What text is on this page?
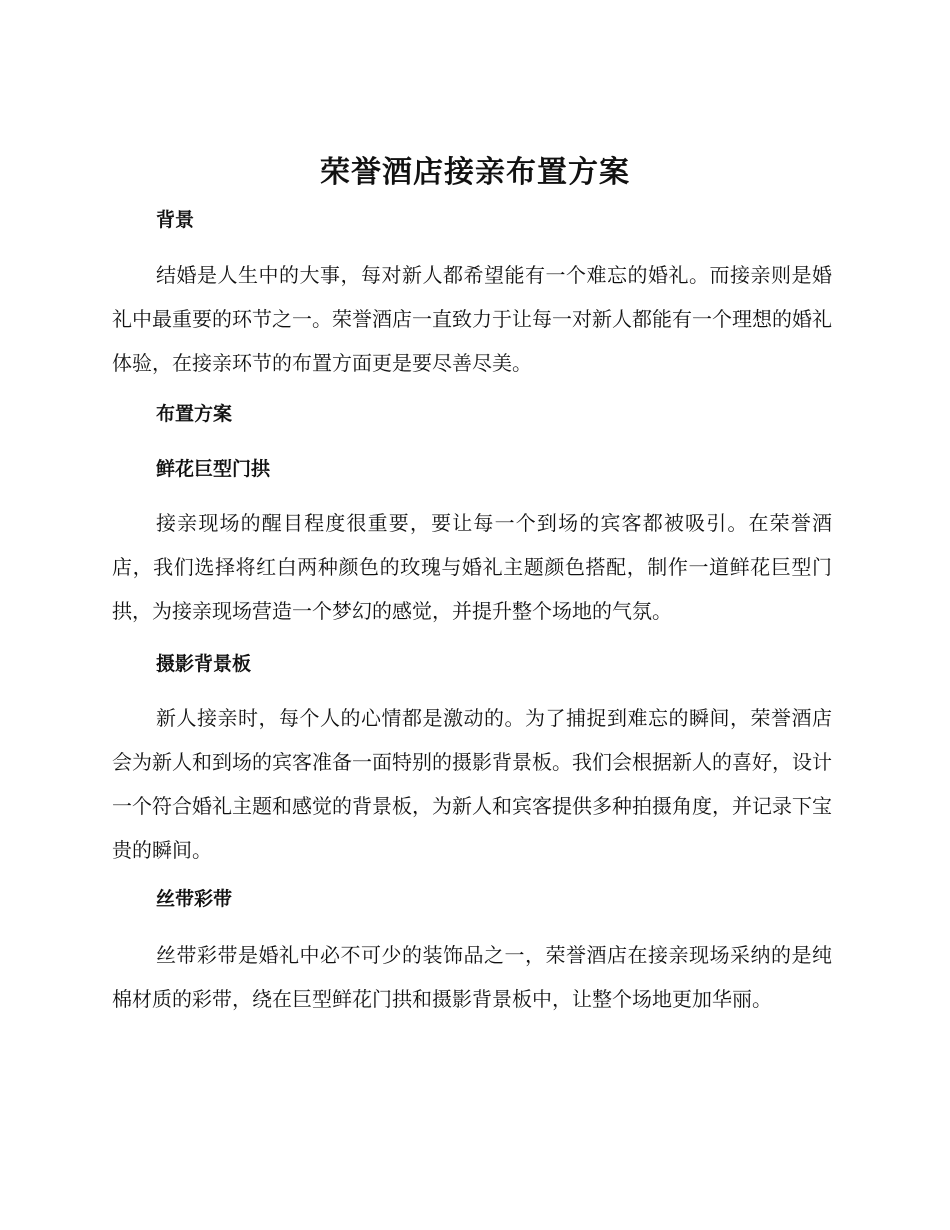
荣誉酒店接亲布置方案
背景

结婚是人生中的大事，每对新人都希望能有一个难忘的婚礼。而接亲则是婚礼中最重要的环节之一。荣誉酒店一直致力于让每一对新人都能有一个理想的婚礼体验，在接亲环节的布置方面更是要尽善尽美。

布置方案
鲜花巨型门拱

接亲现场的醒目程度很重要，要让每一个到场的宾客都被吸引。在荣誉酒店，我们选择将红白两种颜色的玫瑰与婚礼主题颜色搭配，制作一道鲜花巨型门拱，为接亲现场营造一个梦幻的感觉，并提升整个场地的气氛。

摄影背景板

新人接亲时，每个人的心情都是激动的。为了捕捉到难忘的瞬间，荣誉酒店会为新人和到场的宾客准备一面特别的摄影背景板。我们会根据新人的喜好，设计一个符合婚礼主题和感觉的背景板，为新人和宾客提供多种拍摄角度，并记录下宝贵的瞬间。

丝带彩带

丝带彩带是婚礼中必不可少的装饰品之一，荣誉酒店在接亲现场采纳的是纯棉材质的彩带，绕在巨型鲜花门拱和摄影背景板中，让整个场地更加华丽。
